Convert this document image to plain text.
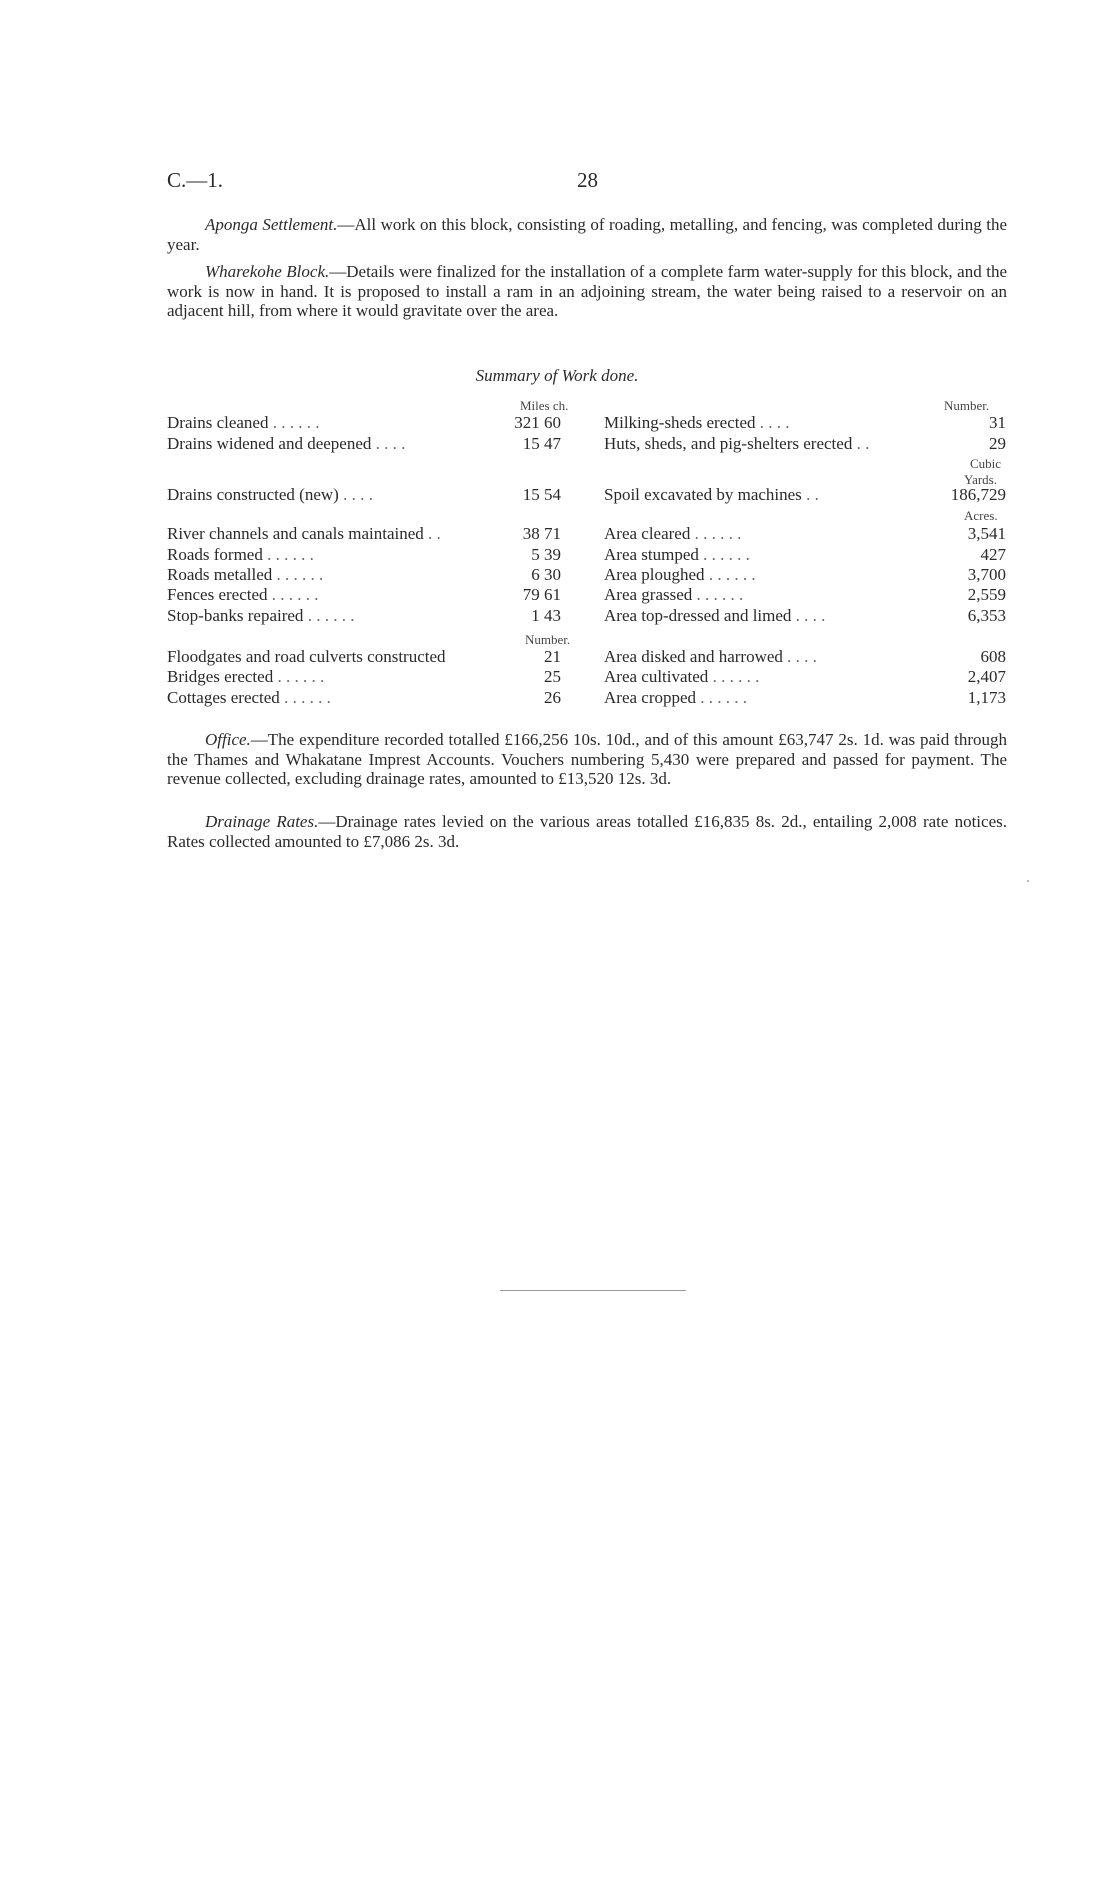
C.—1.	28

Aponga Settlement.—All work on this block, consisting of roading, metalling, and fencing, was completed during the year.

Wharekohe Block.—Details were finalized for the installation of a complete farm water-supply for this block, and the work is now in hand. It is proposed to install a ram in an adjoining stream, the water being raised to a reservoir on an adjacent hill, from where it would gravitate over the area.

Summary of Work done.
Miles ch.
Number.
Number.
Cubic
Yards.
Acres.
Drains cleaned . . . . . .	321 60	Milking-sheds erected . . . .	31
Drains widened and deepened . . . .	15 47	Huts, sheds, and pig-shelters erected . .	29
Drains constructed (new) . . . .	15 54	Spoil excavated by machines . .	186,729
River channels and canals maintained . .	38 71	Area cleared . . . . . .	3,541
Roads formed . . . . . .	5 39	Area stumped . . . . . .	427
Roads metalled . . . . . .	6 30	Area ploughed . . . . . .	3,700
Fences erected . . . . . .	79 61	Area grassed . . . . . .	2,559
Stop-banks repaired . . . . . .	1 43	Area top-dressed and limed . . . .	6,353
Floodgates and road culverts constructed	21	Area disked and harrowed . . . .	608
Bridges erected . . . . . .	25	Area cultivated . . . . . .	2,407
Cottages erected . . . . . .	26	Area cropped . . . . . .	1,173

Office.—The expenditure recorded totalled £166,256 10s. 10d., and of this amount £63,747 2s. 1d. was paid through the Thames and Whakatane Imprest Accounts. Vouchers numbering 5,430 were prepared and passed for payment. The revenue collected, excluding drainage rates, amounted to £13,520 12s. 3d.

Drainage Rates.—Drainage rates levied on the various areas totalled £16,835 8s. 2d., entailing 2,008 rate notices. Rates collected amounted to £7,086 2s. 3d.
